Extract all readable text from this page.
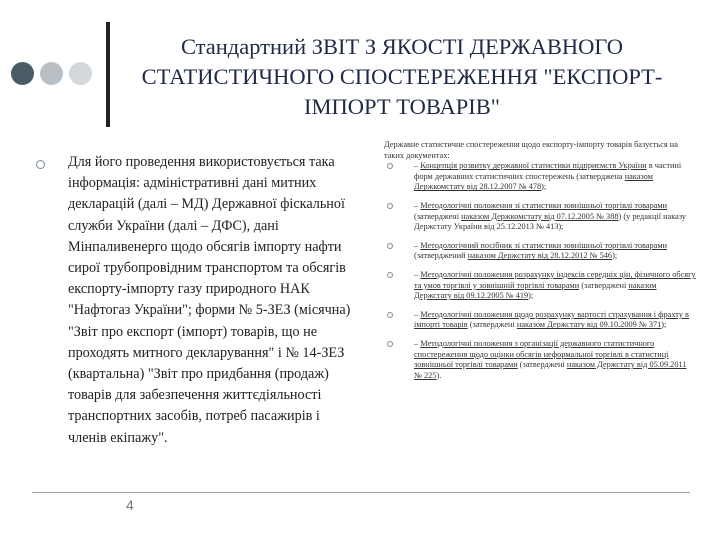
Стандартний ЗВІТ З ЯКОСТІ ДЕРЖАВНОГО СТАТИСТИЧНОГО СПОСТЕРЕЖЕННЯ "ЕКСПОРТ-ІМПОРТ ТОВАРІВ"
Для його проведення використовується така інформація: адміністративні дані митних декларацій (далі – МД) Державної фіскальної служби України (далі – ДФС), дані Мінпаливенерго щодо обсягів імпорту нафти сирої трубопровідним транспортом та обсягів експорту-імпорту газу природного НАК "Нафтогаз України"; форми № 5-ЗЕЗ (місячна) "Звіт про експорт (імпорт) товарів, що не проходять митного декларування" і № 14-ЗЕЗ (квартальна) "Звіт про придбання (продаж) товарів для забезпечення життєдіяльності транспортних засобів, потреб пасажирів і членів екіпажу".
Державне статистичне спостереження щодо експорту-імпорту товарів базується на таких документах:
– Концепція розвитку державної статистики підприємств України в частині форм державних статистичних спостережень (затверджена наказом Держкомстату від 28.12.2007 № 478);
– Методологічні положення зі статистики зовнішньої торгівлі товарами (затверджені наказом Держкомстату від 07.12.2005 № 388) (у редакції наказу Держстату України від 25.12.2013 № 413);
– Методологічний посібник зі статистики зовнішньої торгівлі товарами (затверджений наказом Держстату від 28.12.2012 № 546);
– Методологічні положення розрахунку індексів середніх цін, фізичного обсягу та умов торгівлі у зовнішній торгівлі товарами (затверджені наказом Держстату від 09.12.2005 № 419);
– Методологічні положення щодо розрахунку вартості страхування і фрахту в імпорті товарів (затверджені наказом Держстату від 09.10.2009 № 371);
– Методологічні положення з організації державного статистичного спостереження щодо оцінки обсягів неформальної торгівлі в статистиці зовнішньої торгівлі товарами (затверджені наказом Держстату від 05.09.2011 № 225).
4
